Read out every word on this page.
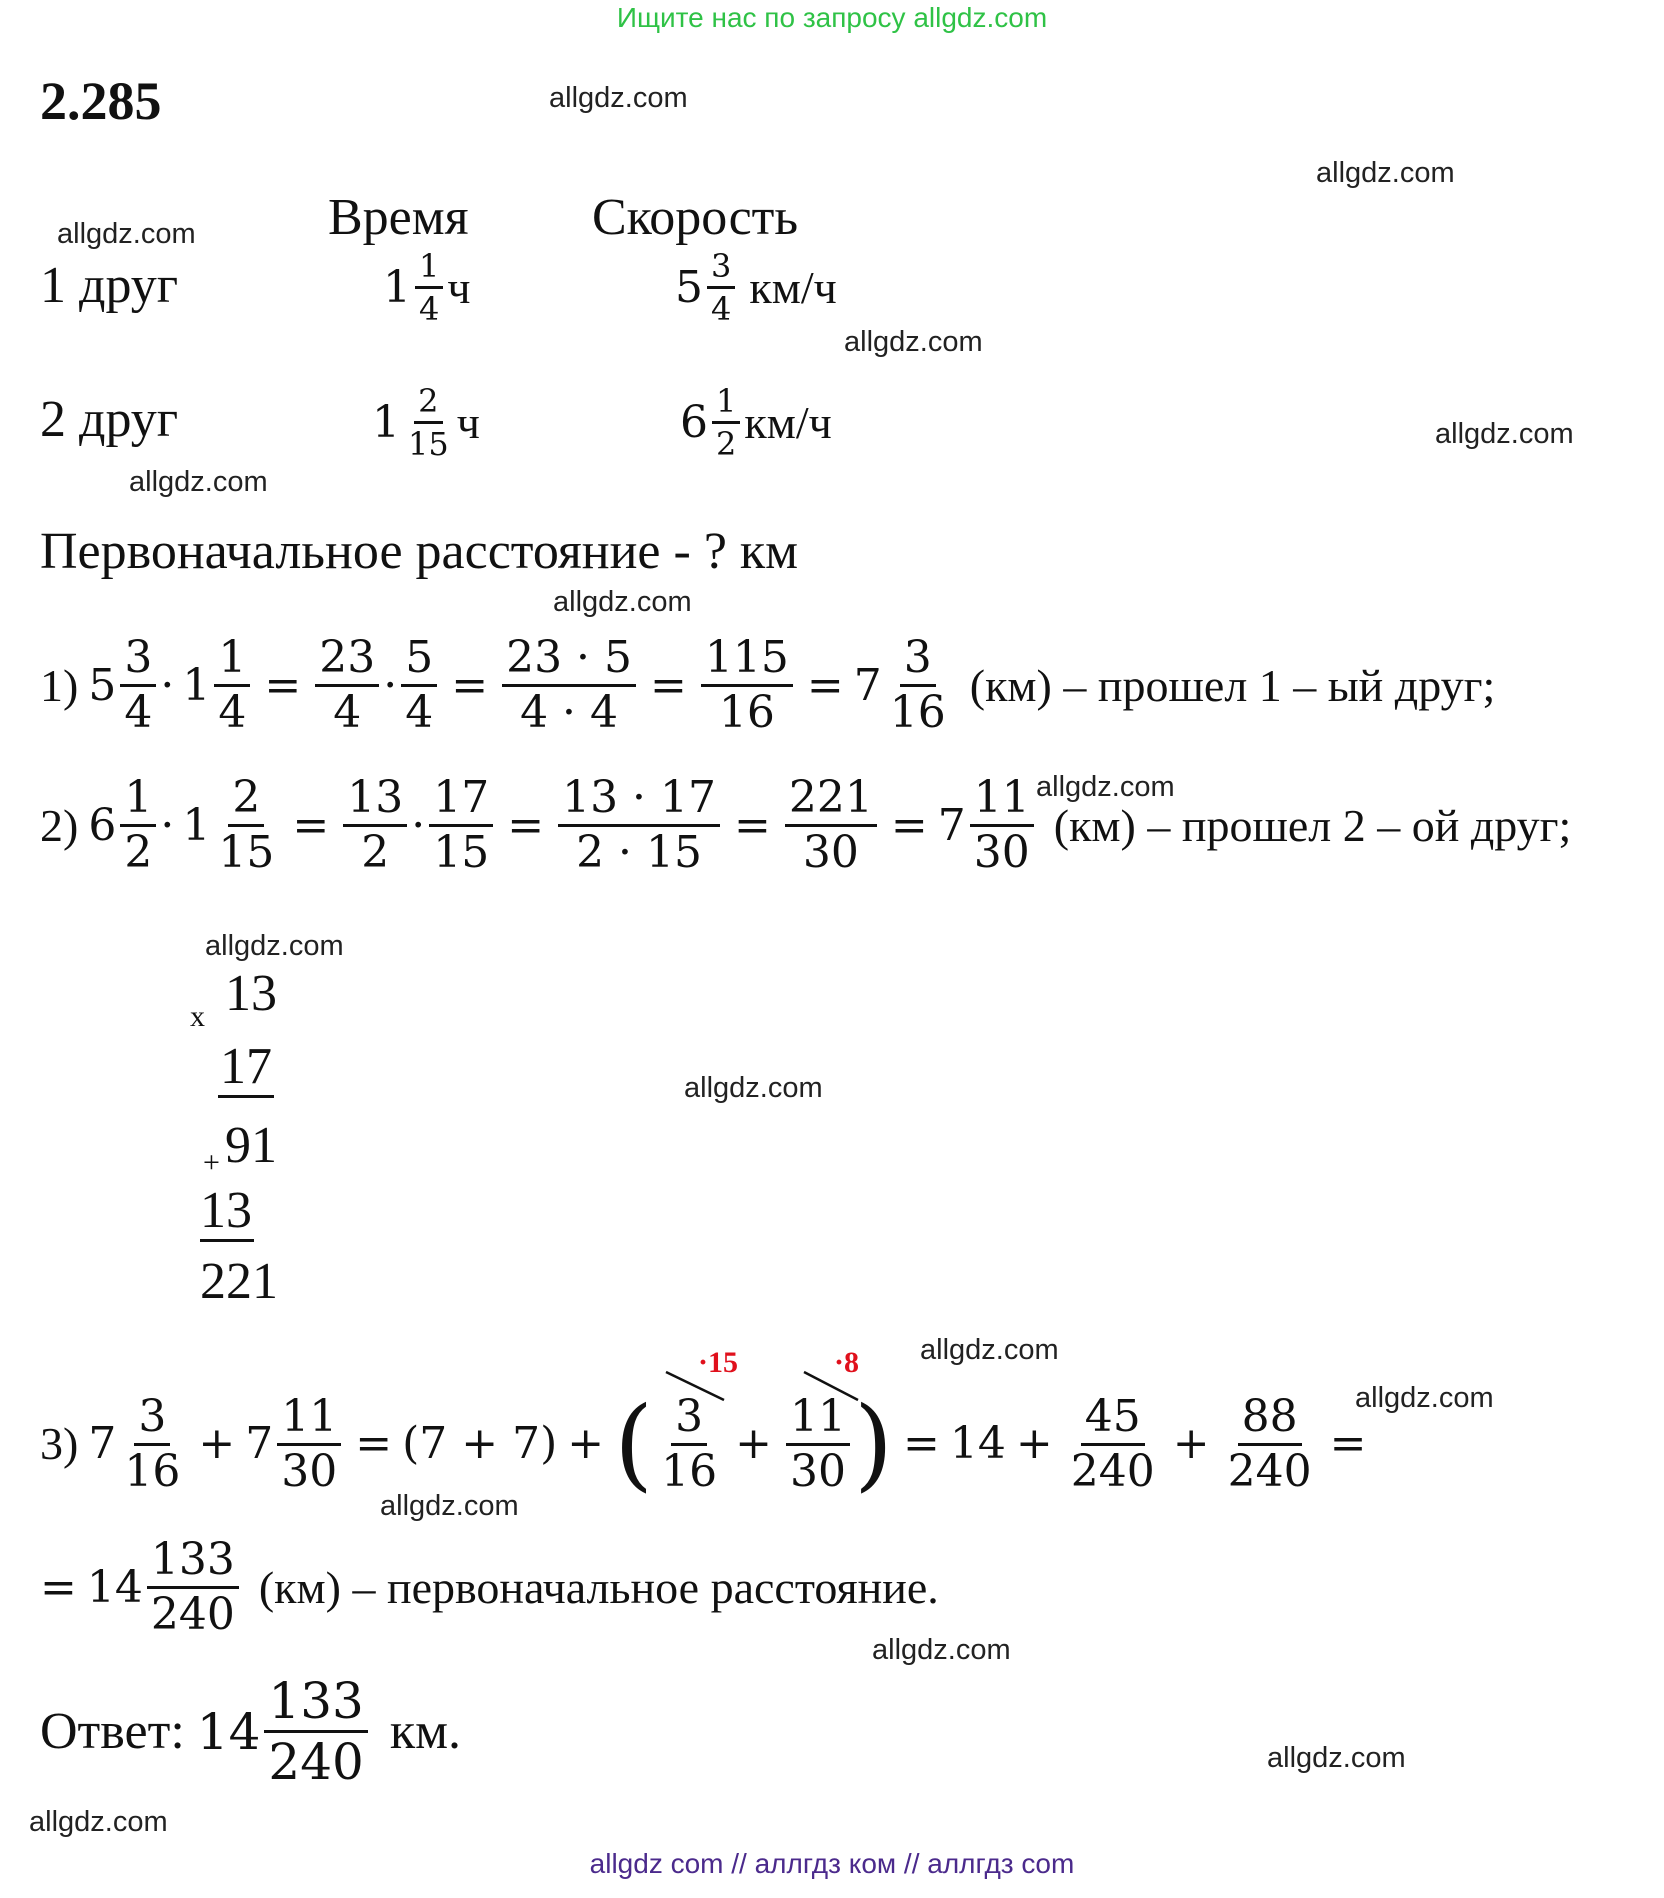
Ищите нас по запросу allgdz.com
allgdz com // аллгдз ком // аллгдз com
allgdz.com
allgdz.com
allgdz.com
allgdz.com
allgdz.com
allgdz.com
allgdz.com
allgdz.com
allgdz.com
allgdz.com
allgdz.com
allgdz.com
allgdz.com
allgdz.com
allgdz.com
allgdz.com
2.285
Время Скорость
1 друг	$1 \frac{1}{4}$ ч	$5 \frac{3}{4} км/ч$
2 друг	$1 \frac{2}{15}$ ч	$6 \frac{1}{2} км/ч$
Первоначальное расстояние - ? км
1) $5 \frac{3}{4} \cdot 1 \frac{1}{4} = \frac{23}{4} \cdot \frac{5}{4} = \frac{23 \cdot 5}{4 \cdot 4} = \frac{115}{16} = 7 \frac{3}{16} (км)$ – прошел 1 – ый друг;
2) $6 \frac{1}{2} \cdot 1 \frac{2}{15} = \frac{13}{2} \cdot \frac{17}{15} = \frac{13 \cdot 17}{2 \cdot 15} = \frac{221}{30} = 7 \frac{11}{30} (км)$ – прошел 2 – ой друг;
x 13
17
+ 91
13
221
·15	·8
3) $7 \frac{3}{16} + 7 \frac{11}{30} = (7 + 7)$ + ( $\frac{3}{16} + \frac{11}{30}$ ) = $14 + \frac{45}{240} + \frac{88}{240}$ =
= $14 \frac{133}{240} (км)$ – первоначальное расстояние.
Ответ: $14 \frac{133}{240}$ км.
